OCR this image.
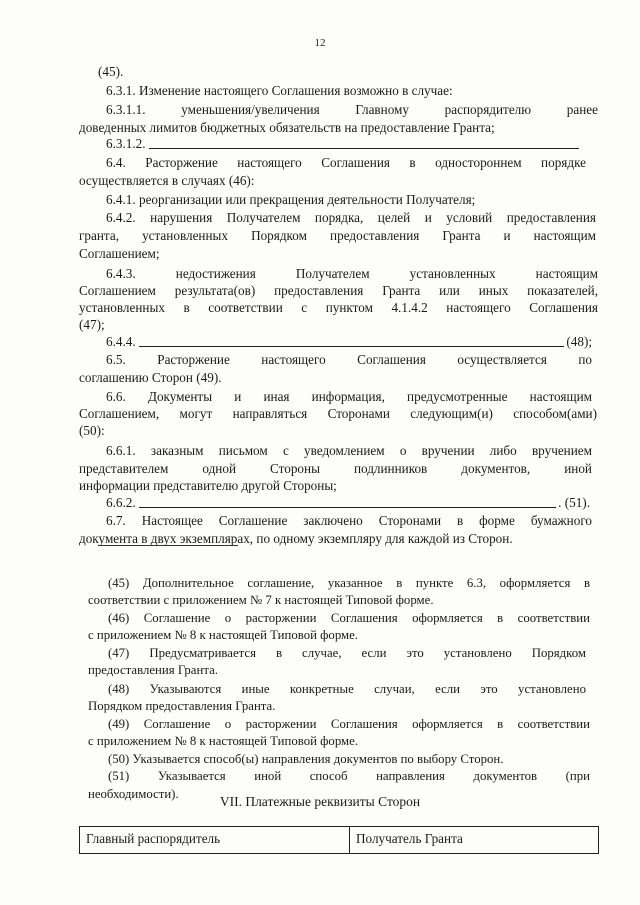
12
(45).
6.3.1. Изменение настоящего Соглашения возможно в случае:
6.3.1.1. уменьшения/увеличения Главному распорядителю ранее
доведенных лимитов бюджетных обязательств на предоставление Гранта;
6.3.1.2.
6.4. Расторжение настоящего Соглашения в одностороннем порядке
осуществляется в случаях (46):
6.4.1. реорганизации или прекращения деятельности Получателя;
6.4.2. нарушения Получателем порядка, целей и условий предоставления
гранта, установленных Порядком предоставления Гранта и настоящим
Соглашением;
6.4.3. недостижения Получателем установленных настоящим
Соглашением результата(ов) предоставления Гранта или иных показателей,
установленных в соответствии с пунктом 4.1.4.2 настоящего Соглашения
(47);
6.4.4.	(48);
6.5. Расторжение настоящего Соглашения осуществляется по
соглашению Сторон (49).
6.6. Документы и иная информация, предусмотренные настоящим
Соглашением, могут направляться Сторонами следующим(и) способом(ами)
(50):
6.6.1. заказным письмом с уведомлением о вручении либо вручением
представителем одной Стороны подлинников документов, иной
информации представителю другой Стороны;
6.6.2.	. (51).
6.7. Настоящее Соглашение заключено Сторонами в форме бумажного
документа в двух экземплярах, по одному экземпляру для каждой из Сторон.
(45) Дополнительное соглашение, указанное в пункте 6.3, оформляется в
соответствии с приложением № 7 к настоящей Типовой форме.
(46) Соглашение о расторжении Соглашения оформляется в соответствии
с приложением № 8 к настоящей Типовой форме.
(47) Предусматривается в случае, если это установлено Порядком
предоставления Гранта.
(48) Указываются иные конкретные случаи, если это установлено
Порядком предоставления Гранта.
(49) Соглашение о расторжении Соглашения оформляется в соответствии
с приложением № 8 к настоящей Типовой форме.
(50) Указывается способ(ы) направления документов по выбору Сторон.
(51) Указывается иной способ направления документов (при
необходимости).	VII. Платежные реквизиты Сторон
Главный распорядитель	Получатель Гранта
